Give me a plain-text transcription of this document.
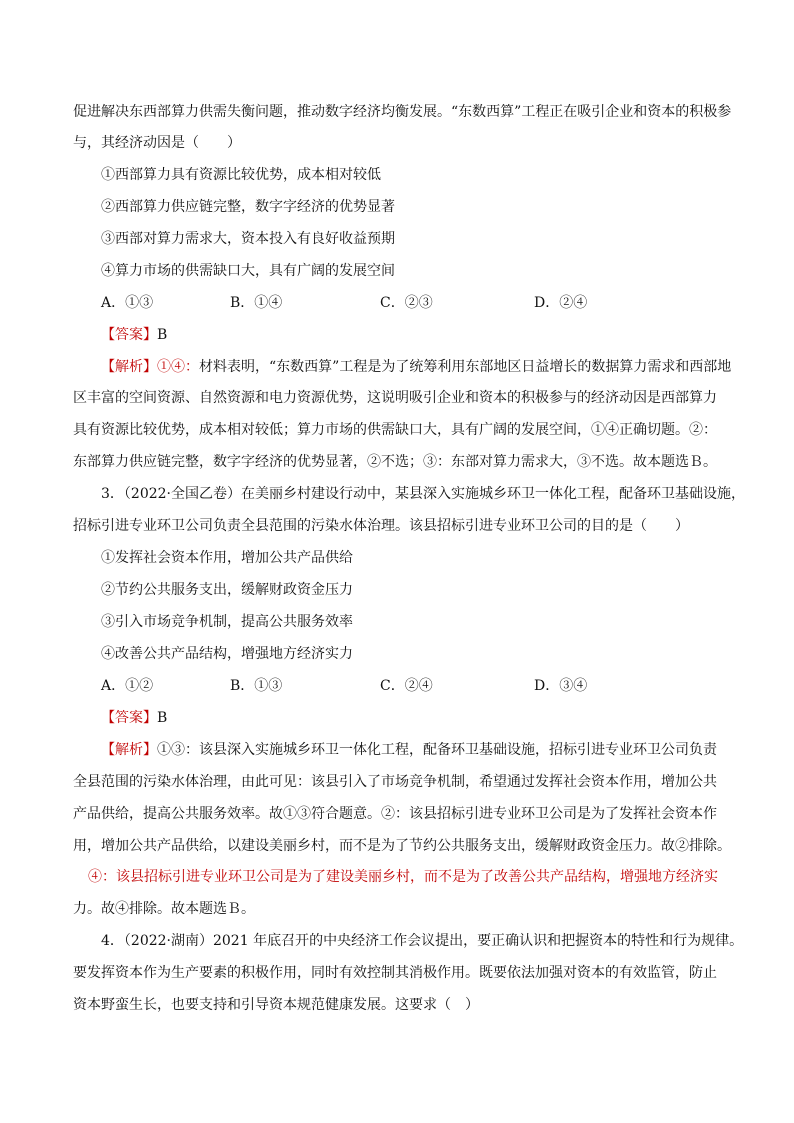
促进解决东西部算力供需失衡问题，推动数字经济均衡发展。“东数西算”工程正在吸引企业和资本的积极参
与，其经济动因是（　　）
①西部算力具有资源比较优势，成本相对较低
②西部算力供应链完整，数字字经济的优势显著
③西部对算力需求大，资本投入有良好收益预期
④算力市场的供需缺口大，具有广阔的发展空间
A．①③	B．①④	C．②③	D．②④
【答案】B
【解析】①④：材料表明，“东数西算”工程是为了统筹利用东部地区日益增长的数据算力需求和西部地
区丰富的空间资源、自然资源和电力资源优势，这说明吸引企业和资本的积极参与的经济动因是西部算力
具有资源比较优势，成本相对较低；算力市场的供需缺口大，具有广阔的发展空间，①④正确切题。②：
东部算力供应链完整，数字字经济的优势显著，②不选；③：东部对算力需求大，③不选。故本题选Ｂ。
3．（2022·全国乙卷）在美丽乡村建设行动中，某县深入实施城乡环卫一体化工程，配备环卫基础设施，
招标引进专业环卫公司负责全县范围的污染水体治理。该县招标引进专业环卫公司的目的是（　　）
①发挥社会资本作用，增加公共产品供给
②节约公共服务支出，缓解财政资金压力
③引入市场竞争机制，提高公共服务效率
④改善公共产品结构，增强地方经济实力
A．①②	B．①③	C．②④	D．③④
【答案】B
【解析】①③：该县深入实施城乡环卫一体化工程，配备环卫基础设施，招标引进专业环卫公司负责
全县范围的污染水体治理，由此可见：该县引入了市场竞争机制，希望通过发挥社会资本作用，增加公共
产品供给，提高公共服务效率。故①③符合题意。②：该县招标引进专业环卫公司是为了发挥社会资本作
用，增加公共产品供给，以建设美丽乡村，而不是为了节约公共服务支出，缓解财政资金压力。故②排除。
④：该县招标引进专业环卫公司是为了建设美丽乡村，而不是为了改善公共产品结构，增强地方经济实
力。故④排除。故本题选Ｂ。
4．（2022·湖南）2021 年底召开的中央经济工作会议提出，要正确认识和把握资本的特性和行为规律。
要发挥资本作为生产要素的积极作用，同时有效控制其消极作用。既要依法加强对资本的有效监管，防止
资本野蛮生长，也要支持和引导资本规范健康发展。这要求（　）
